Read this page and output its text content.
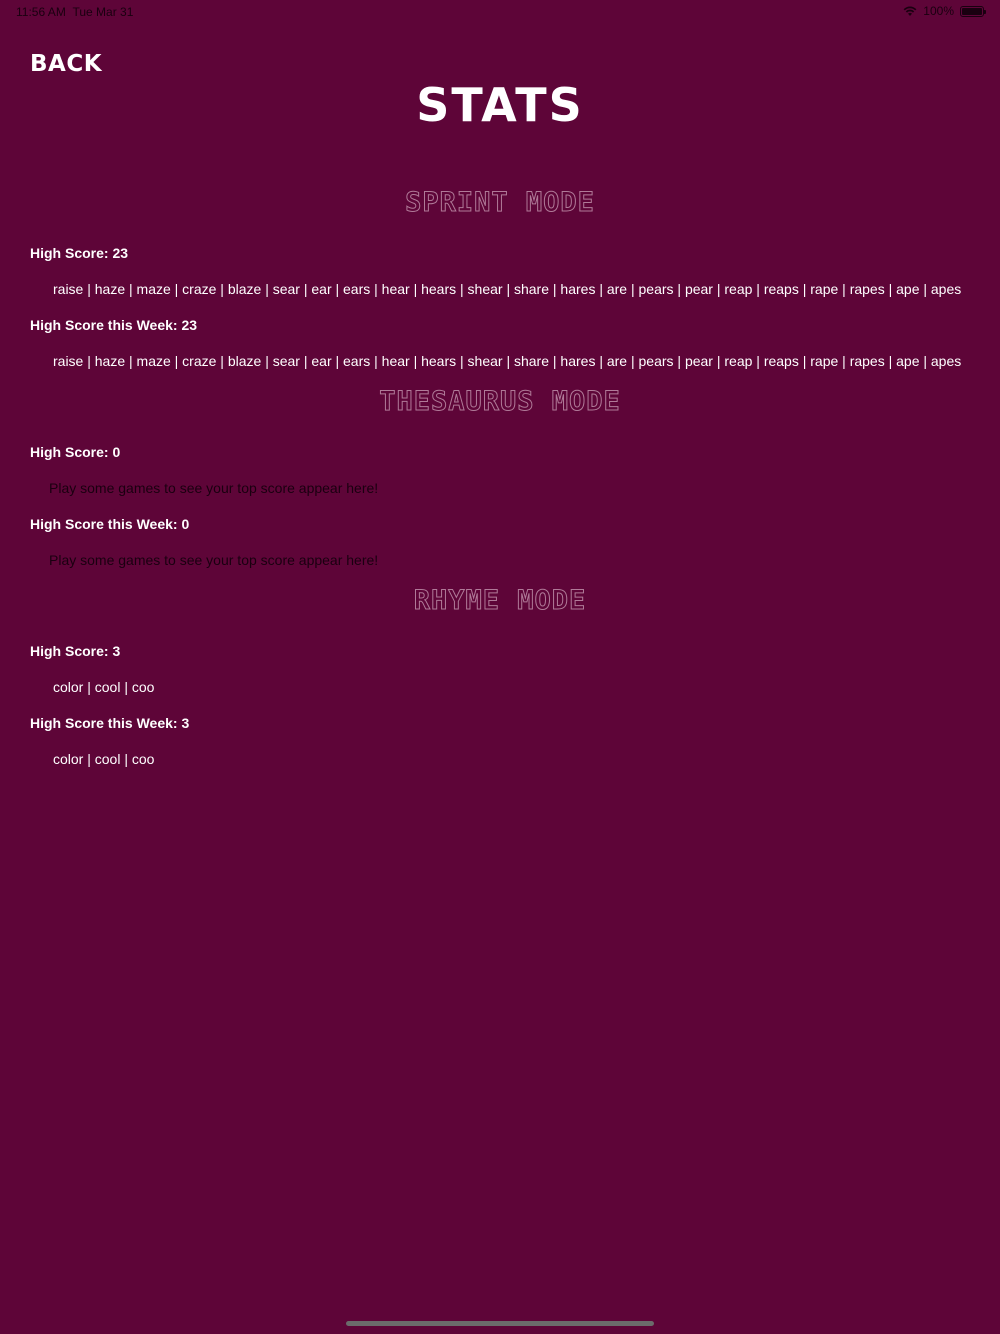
11:56 AM Tue Mar 31	100%
BACK
STATS
SPRINT MODE
High Score: 23
raise | haze | maze | craze | blaze | sear | ear | ears | hear | hears | shear | share | hares | are | pears | pear | reap | reaps | rape | rapes | ape | apes
High Score this Week: 23
raise | haze | maze | craze | blaze | sear | ear | ears | hear | hears | shear | share | hares | are | pears | pear | reap | reaps | rape | rapes | ape | apes
THESAURUS MODE
High Score: 0
Play some games to see your top score appear here!
High Score this Week: 0
Play some games to see your top score appear here!
RHYME MODE
High Score: 3
color | cool | coo
High Score this Week: 3
color | cool | coo
